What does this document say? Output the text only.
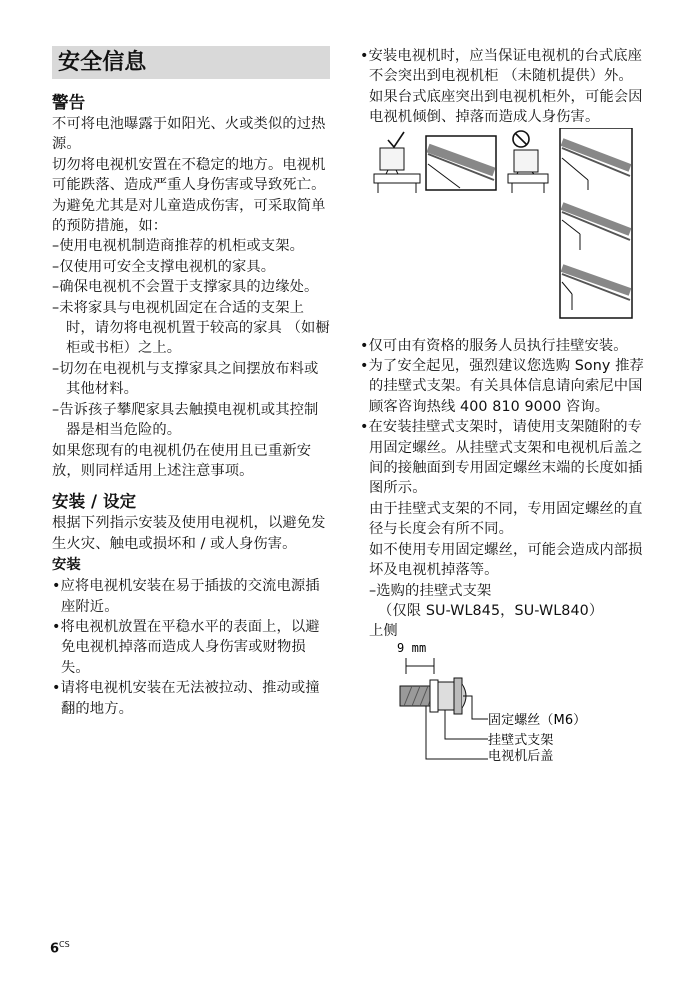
安全信息
警告

不可将电池曝露于如阳光、火或类似的过热源。

切勿将电视机安置在不稳定的地方。电视机可能跌落、造成严重人身伤害或导致死亡。为避免尤其是对儿童造成伤害，可采取简单的预防措施，如：

–使用电视机制造商推荐的机柜或支架。

–仅使用可安全支撑电视机的家具。

–确保电视机不会置于支撑家具的边缘处。

–未将家具与电视机固定在合适的支架上时，请勿将电视机置于较高的家具 （如橱柜或书柜）之上。

–切勿在电视机与支撑家具之间摆放布料或其他材料。

–告诉孩子攀爬家具去触摸电视机或其控制器是相当危险的。

如果您现有的电视机仍在使用且已重新安放，则同样适用上述注意事项。

安装 / 设定

根据下列指示安装及使用电视机，以避免发生火灾、触电或损坏和 / 或人身伤害。

安装

•应将电视机安装在易于插拔的交流电源插座附近。

•将电视机放置在平稳水平的表面上，以避免电视机掉落而造成人身伤害或财物损失。

•请将电视机安装在无法被拉动、推动或撞翻的地方。

•安装电视机时，应当保证电视机的台式底座不会突出到电视机柜 （未随机提供）外。如果台式底座突出到电视机柜外，可能会因电视机倾倒、掉落而造成人身伤害。

•仅可由有资格的服务人员执行挂壁安装。

•为了安全起见，强烈建议您选购 Sony 推荐的挂壁式支架。有关具体信息请向索尼中国顾客咨询热线 400 810 9000 咨询。

•在安装挂壁式支架时，请使用支架随附的专用固定螺丝。从挂壁式支架和电视机后盖之间的接触面到专用固定螺丝末端的长度如插图所示。

由于挂壁式支架的不同，专用固定螺丝的直径与长度会有所不同。

如不使用专用固定螺丝，可能会造成内部损坏及电视机掉落等。

–选购的挂壁式支架

（仅限 SU-WL845，SU-WL840）

上侧

9 mm
固定螺丝（M6）
挂壁式支架
电视机后盖
$6^{CS}$
